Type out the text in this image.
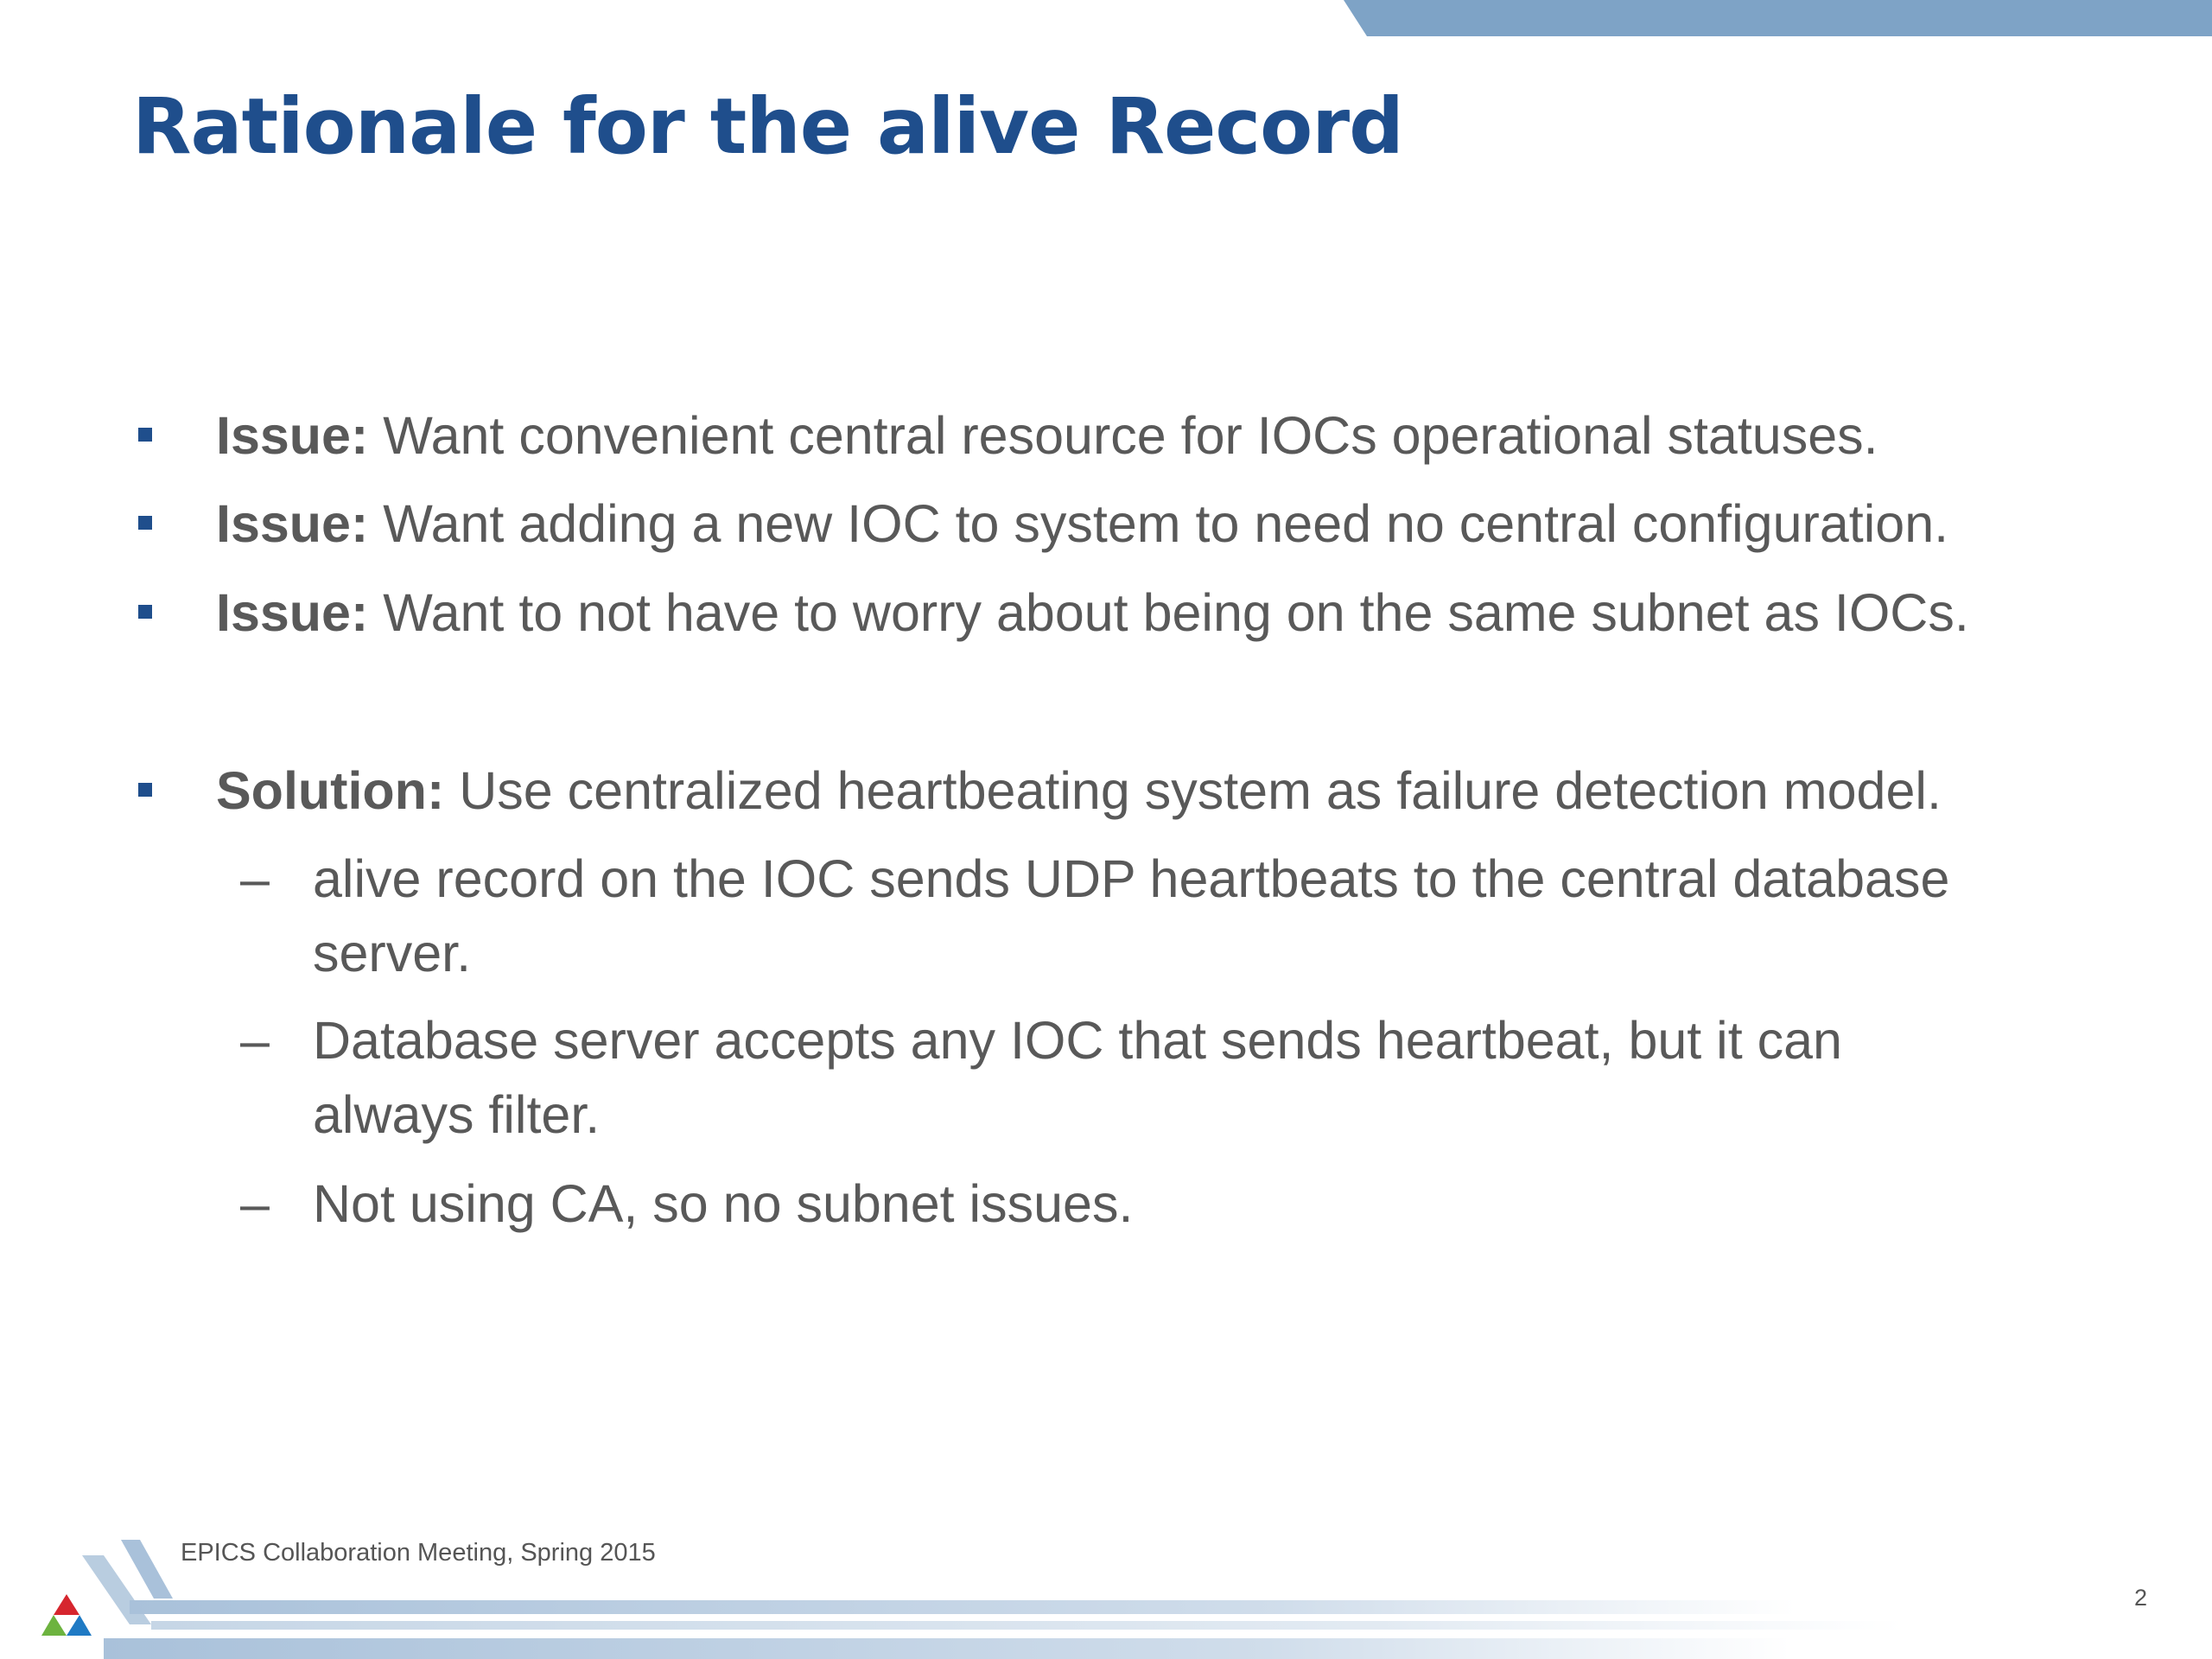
Rationale for the alive Record
Issue: Want convenient central resource for IOCs operational statuses.
Issue: Want adding a new IOC to system to need no central configuration.
Issue: Want to not have to worry about being on the same subnet as IOCs.
Solution: Use centralized heartbeating system as failure detection model.
– alive record on the IOC sends UDP heartbeats to the central database
server.
– Database server accepts any IOC that sends heartbeat, but it can
always filter.
– Not using CA, so no subnet issues.
EPICS Collaboration Meeting, Spring 2015
2
